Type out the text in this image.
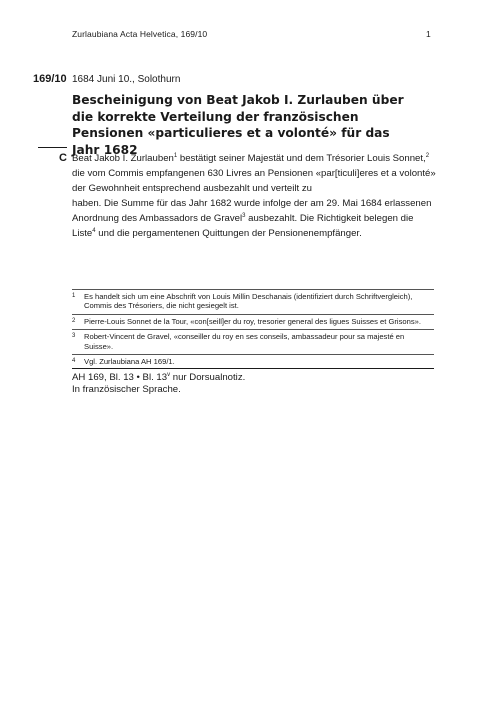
Zurlaubiana Acta Helvetica, 169/10	1
169/10 1684 Juni 10., Solothurn
Bescheinigung von Beat Jakob I. Zurlauben über die korrekte Verteilung der französischen Pensionen «particulieres et a volonté» für das Jahr 1682
C Beat Jakob I. Zurlauben$^1$ bestätigt seiner Majestät und dem Trésorier Louis Sonnet,$^2$ die vom Commis empfangenen 630 Livres an Pensionen «par[ticuli]eres et a volonté» der Gewohnheit entsprechend ausbezahlt und verteilt zu

haben. Die Summe für das Jahr 1682 wurde infolge der am 29. Mai 1684 erlassenen Anordnung des Ambassadors de Gravel$^3$ ausbezahlt. Die Richtigkeit belegen die Liste$^4$ und die pergamentenen Quittungen der Pensionenempfänger.

1 Es handelt sich um eine Abschrift von Louis Millin Deschanais (identifiziert durch Schriftvergleich), Commis des Trésoriers, die nicht gesiegelt ist.
2 Pierre-Louis Sonnet de la Tour, «con[seill]er du roy, tresorier general des ligues Suisses et Grisons».
3 Robert-Vincent de Gravel, «conseiller du roy en ses conseils, ambassadeur pour sa majesté en Suisse».
4 Vgl. Zurlaubiana AH 169/1.
AH 169, Bl. 13 • Bl. 13$^v$ nur Dorsualnotiz.
In französischer Sprache.
